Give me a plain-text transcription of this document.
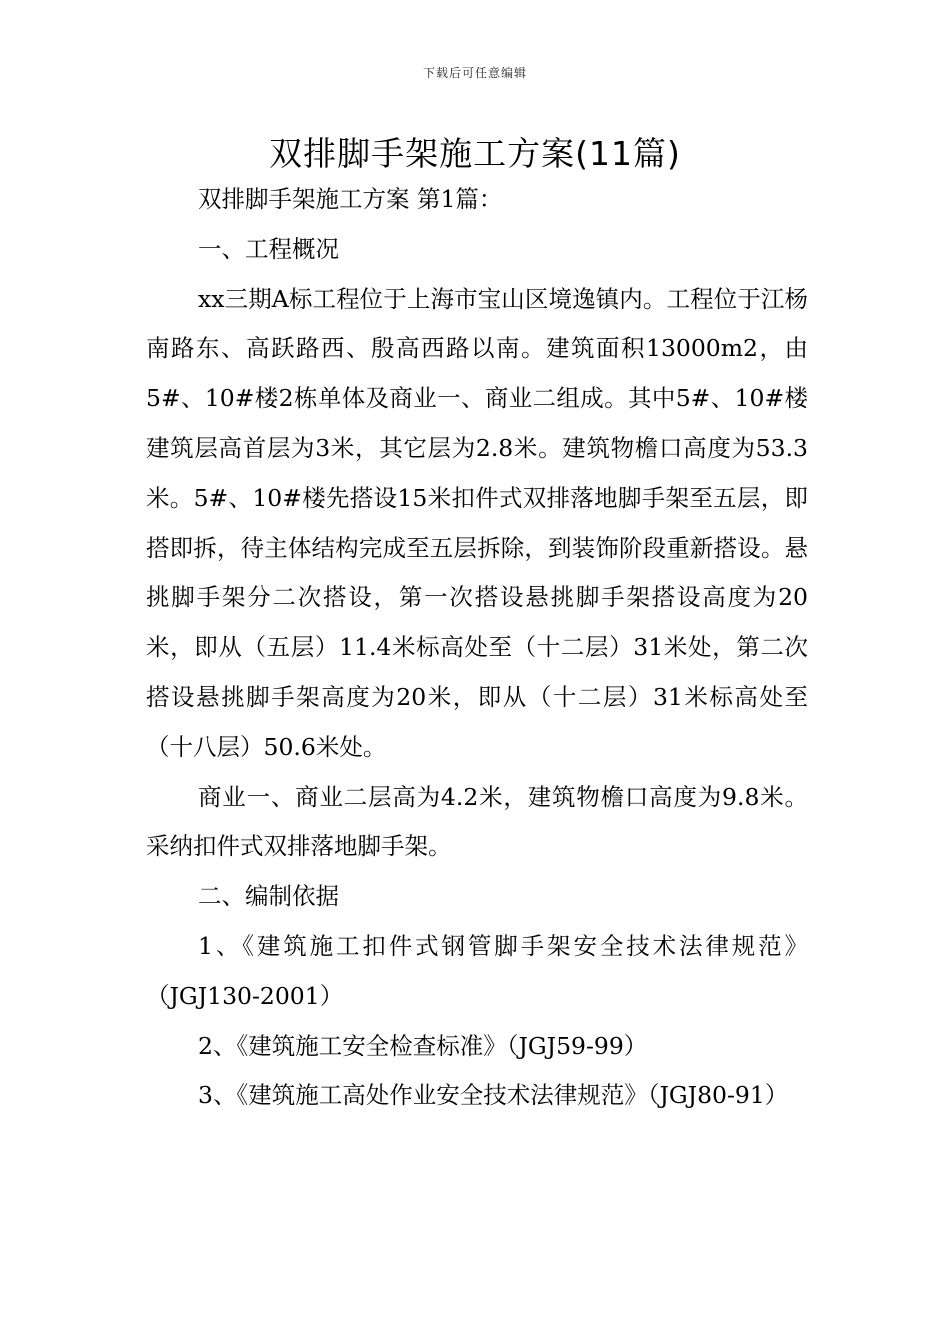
下载后可任意编辑
双排脚手架施工方案(11篇)

双排脚手架施工方案 第1篇：

一、工程概况

xx三期A标工程位于上海市宝山区境逸镇内。工程位于江杨南路东、高跃路西、殷高西路以南。建筑面积13000m2，由5#、10#楼2栋单体及商业一、商业二组成。其中5#、10#楼建筑层高首层为3米，其它层为2.8米。建筑物檐口高度为53.3米。5#、10#楼先搭设15米扣件式双排落地脚手架至五层，即搭即拆，待主体结构完成至五层拆除，到装饰阶段重新搭设。悬挑脚手架分二次搭设，第一次搭设悬挑脚手架搭设高度为20米，即从（五层）11.4米标高处至（十二层）31米处，第二次搭设悬挑脚手架高度为20米，即从（十二层）31米标高处至（十八层）50.6米处。

商业一、商业二层高为4.2米，建筑物檐口高度为9.8米。采纳扣件式双排落地脚手架。

二、编制依据

1、《建筑施工扣件式钢管脚手架安全技术法律规范》（JGJ130-2001）

2、《建筑施工安全检查标准》（JGJ59-99）

3、《建筑施工高处作业安全技术法律规范》（JGJ80-91）
